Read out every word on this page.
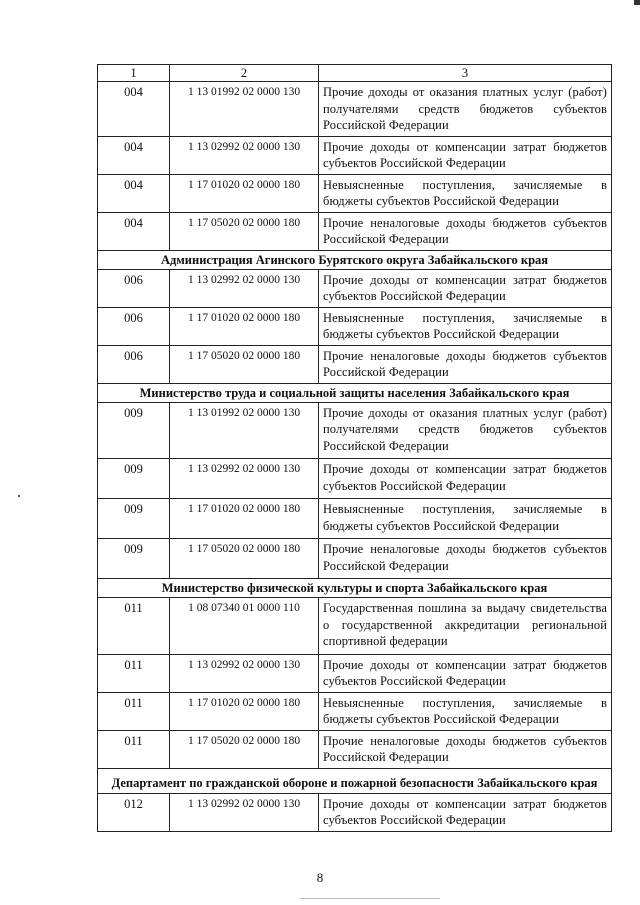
1	2	3
004	1 13 01992 02 0000 130	Прочие доходы от оказания платных услуг (работ) получателями средств бюджетов субъектов Российской Федерации
004	1 13 02992 02 0000 130	Прочие доходы от компенсации затрат бюджетов субъектов Российской Федерации
004	1 17 01020 02 0000 180	Невыясненные поступления, зачисляемые в бюджеты субъектов Российской Федерации
004	1 17 05020 02 0000 180	Прочие неналоговые доходы бюджетов субъектов Российской Федерации
Администрация Агинского Бурятского округа Забайкальского края		
006	1 13 02992 02 0000 130	Прочие доходы от компенсации затрат бюджетов субъектов Российской Федерации
006	1 17 01020 02 0000 180	Невыясненные поступления, зачисляемые в бюджеты субъектов Российской Федерации
006	1 17 05020 02 0000 180	Прочие неналоговые доходы бюджетов субъектов Российской Федерации
Министерство труда и социальной защиты населения Забайкальского края		
009	1 13 01992 02 0000 130	Прочие доходы от оказания платных услуг (работ) получателями средств бюджетов субъектов Российской Федерации
009	1 13 02992 02 0000 130	Прочие доходы от компенсации затрат бюджетов субъектов Российской Федерации
009	1 17 01020 02 0000 180	Невыясненные поступления, зачисляемые в бюджеты субъектов Российской Федерации
009	1 17 05020 02 0000 180	Прочие неналоговые доходы бюджетов субъектов Российской Федерации
Министерство физической культуры и спорта Забайкальского края		
011	1 08 07340 01 0000 110	Государственная пошлина за выдачу свидетельства о государственной аккредитации региональной спортивной федерации
011	1 13 02992 02 0000 130	Прочие доходы от компенсации затрат бюджетов субъектов Российской Федерации
011	1 17 01020 02 0000 180	Невыясненные поступления, зачисляемые в бюджеты субъектов Российской Федерации
011	1 17 05020 02 0000 180	Прочие неналоговые доходы бюджетов субъектов Российской Федерации
Департамент по гражданской обороне и пожарной безопасности Забайкальского края		
012	1 13 02992 02 0000 130	Прочие доходы от компенсации затрат бюджетов субъектов Российской Федерации
8
